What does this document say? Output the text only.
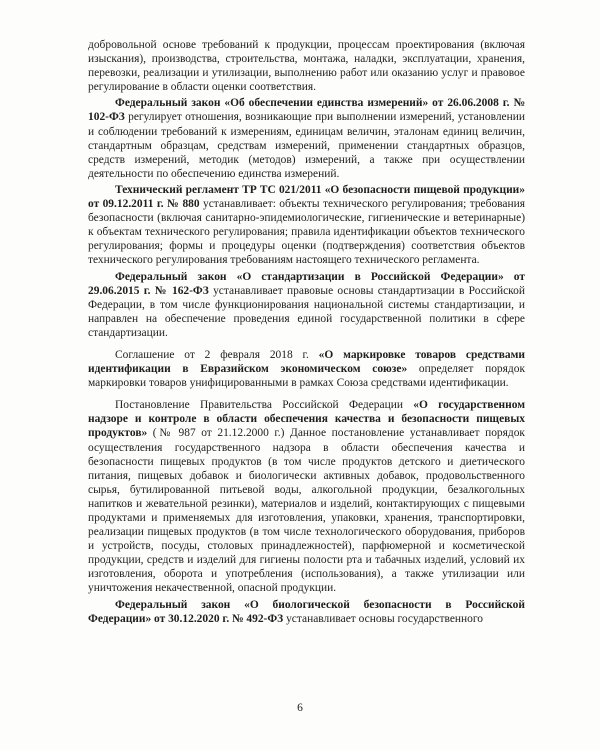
добровольной основе требований к продукции, процессам проектирования (включая изыскания), производства, строительства, монтажа, наладки, эксплуатации, хранения, перевозки, реализации и утилизации, выполнению работ или оказанию услуг и правовое регулирование в области оценки соответствия.

Федеральный закон «Об обеспечении единства измерений» от 26.06.2008 г. № 102-ФЗ регулирует отношения, возникающие при выполнении измерений, установлении и соблюдении требований к измерениям, единицам величин, эталонам единиц величин, стандартным образцам, средствам измерений, применении стандартных образцов, средств измерений, методик (методов) измерений, а также при осуществлении деятельности по обеспечению единства измерений.

Технический регламент ТР ТС 021/2011 «О безопасности пищевой продукции» от 09.12.2011 г. № 880 устанавливает: объекты технического регулирования; требования безопасности (включая санитарно-эпидемиологические, гигиенические и ветеринарные) к объектам технического регулирования; правила идентификации объектов технического регулирования; формы и процедуры оценки (подтверждения) соответствия объектов технического регулирования требованиям настоящего технического регламента.

Федеральный закон «О стандартизации в Российской Федерации» от 29.06.2015 г. № 162-ФЗ устанавливает правовые основы стандартизации в Российской Федерации, в том числе функционирования национальной системы стандартизации, и направлен на обеспечение проведения единой государственной политики в сфере стандартизации.

Соглашение от 2 февраля 2018 г. «О маркировке товаров средствами идентификации в Евразийском экономическом союзе» определяет порядок маркировки товаров унифицированными в рамках Союза средствами идентификации.

Постановление Правительства Российской Федерации «О государственном надзоре и контроле в области обеспечения качества и безопасности пищевых продуктов» (№ 987 от 21.12.2000 г.) Данное постановление устанавливает порядок осуществления государственного надзора в области обеспечения качества и безопасности пищевых продуктов (в том числе продуктов детского и диетического питания, пищевых добавок и биологически активных добавок, продовольственного сырья, бутилированной питьевой воды, алкогольной продукции, безалкогольных напитков и жевательной резинки), материалов и изделий, контактирующих с пищевыми продуктами и применяемых для изготовления, упаковки, хранения, транспортировки, реализации пищевых продуктов (в том числе технологического оборудования, приборов и устройств, посуды, столовых принадлежностей), парфюмерной и косметической продукции, средств и изделий для гигиены полости рта и табачных изделий, условий их изготовления, оборота и употребления (использования), а также утилизации или уничтожения некачественной, опасной продукции.

Федеральный закон «О биологической безопасности в Российской Федерации» от 30.12.2020 г. № 492-ФЗ устанавливает основы государственного

6
